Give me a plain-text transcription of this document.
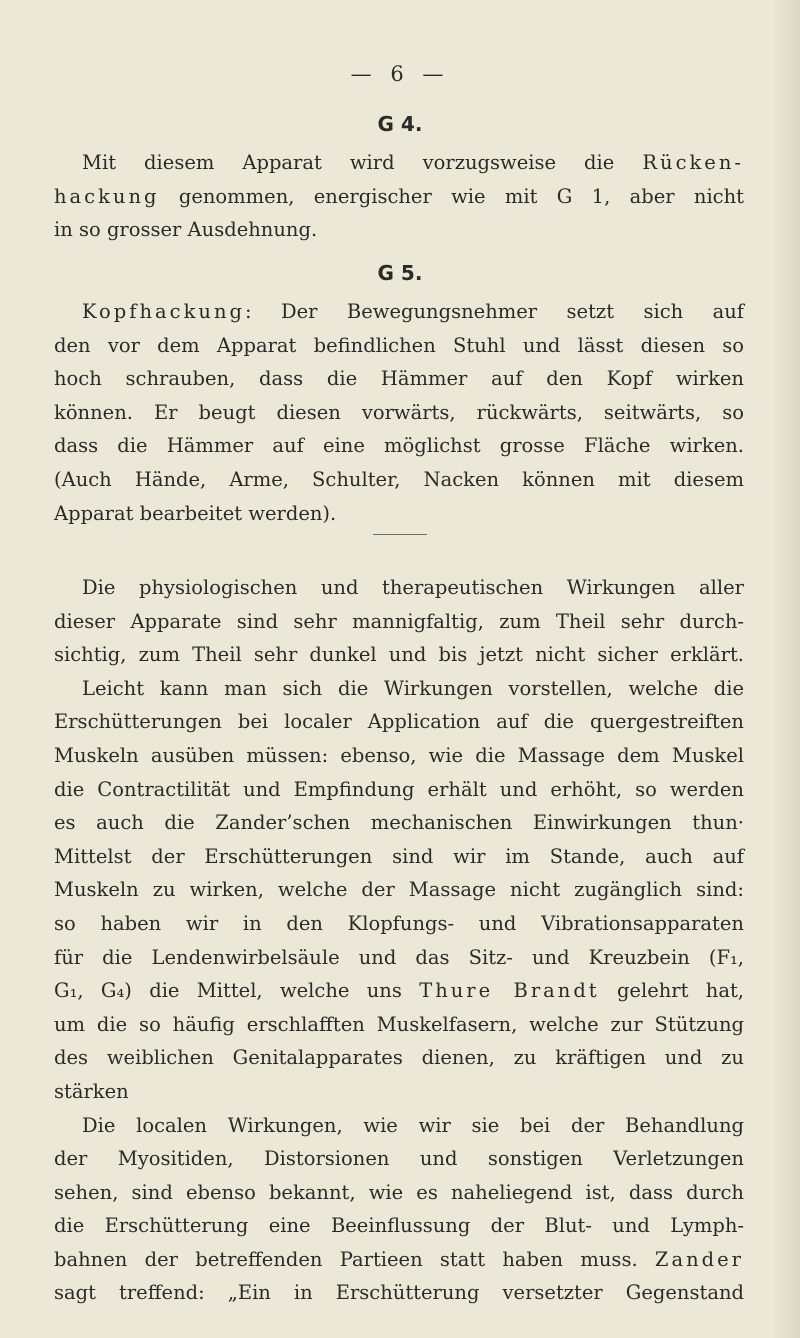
— 6 —
G 4.
Mit diesem Apparat wird vorzugsweise die Rücken-
hackung genommen, energischer wie mit G 1, aber nicht
in so grosser Ausdehnung.
G 5.
Kopfhackung: Der Bewegungsnehmer setzt sich auf
den vor dem Apparat befindlichen Stuhl und lässt diesen so
hoch schrauben, dass die Hämmer auf den Kopf wirken
können. Er beugt diesen vorwärts, rückwärts, seitwärts, so
dass die Hämmer auf eine möglichst grosse Fläche wirken.
(Auch Hände, Arme, Schulter, Nacken können mit diesem
Apparat bearbeitet werden).
Die physiologischen und therapeutischen Wirkungen aller
dieser Apparate sind sehr mannigfaltig, zum Theil sehr durch-
sichtig, zum Theil sehr dunkel und bis jetzt nicht sicher erklärt.
Leicht kann man sich die Wirkungen vorstellen, welche die
Erschütterungen bei localer Application auf die quergestreiften
Muskeln ausüben müssen: ebenso, wie die Massage dem Muskel
die Contractilität und Empfindung erhält und erhöht, so werden
es auch die Zander’schen mechanischen Einwirkungen thun·
Mittelst der Erschütterungen sind wir im Stande, auch auf
Muskeln zu wirken, welche der Massage nicht zugänglich sind:
so haben wir in den Klopfungs- und Vibrationsapparaten
für die Lendenwirbelsäule und das Sitz- und Kreuzbein (F₁,
G₁, G₄) die Mittel, welche uns Thure Brandt gelehrt hat,
um die so häufig erschlafften Muskelfasern, welche zur Stützung
des weiblichen Genitalapparates dienen, zu kräftigen und zu
stärken
Die localen Wirkungen, wie wir sie bei der Behandlung
der Myositiden, Distorsionen und sonstigen Verletzungen
sehen, sind ebenso bekannt, wie es naheliegend ist, dass durch
die Erschütterung eine Beeinflussung der Blut- und Lymph-
bahnen der betreffenden Partieen statt haben muss. Zander
sagt treffend: „Ein in Erschütterung versetzter Gegenstand
